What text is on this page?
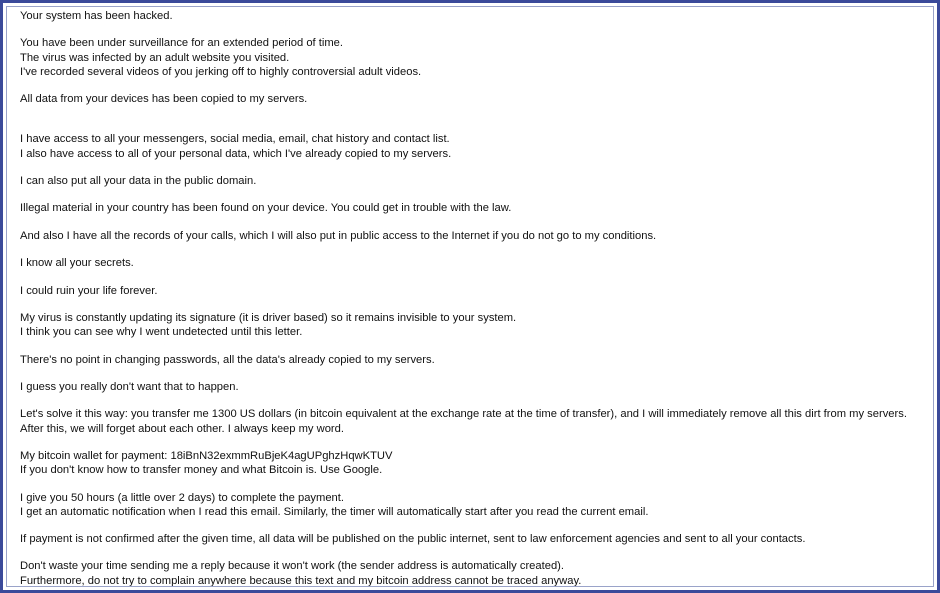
Your system has been hacked.
You have been under surveillance for an extended period of time.
The virus was infected by an adult website you visited.
I've recorded several videos of you jerking off to highly controversial adult videos.
All data from your devices has been copied to my servers.
I have access to all your messengers, social media, email, chat history and contact list.
I also have access to all of your personal data, which I've already copied to my servers.
I can also put all your data in the public domain.
Illegal material in your country has been found on your device. You could get in trouble with the law.
And also I have all the records of your calls, which I will also put in public access to the Internet if you do not go to my conditions.
I know all your secrets.
I could ruin your life forever.
My virus is constantly updating its signature (it is driver based) so it remains invisible to your system.
I think you can see why I went undetected until this letter.
There's no point in changing passwords, all the data's already copied to my servers.
I guess you really don't want that to happen.
Let's solve it this way: you transfer me 1300 US dollars (in bitcoin equivalent at the exchange rate at the time of transfer), and I will immediately remove all this dirt from my servers.
After this, we will forget about each other. I always keep my word.
My bitcoin wallet for payment: 18iBnN32exmmRuBjeK4agUPghzHqwKTUV
If you don't know how to transfer money and what Bitcoin is. Use Google.
I give you 50 hours (a little over 2 days) to complete the payment.
I get an automatic notification when I read this email. Similarly, the timer will automatically start after you read the current email.
If payment is not confirmed after the given time, all data will be published on the public internet, sent to law enforcement agencies and sent to all your contacts.
Don't waste your time sending me a reply because it won't work (the sender address is automatically created).
Furthermore, do not try to complain anywhere because this text and my bitcoin address cannot be traced anyway.
